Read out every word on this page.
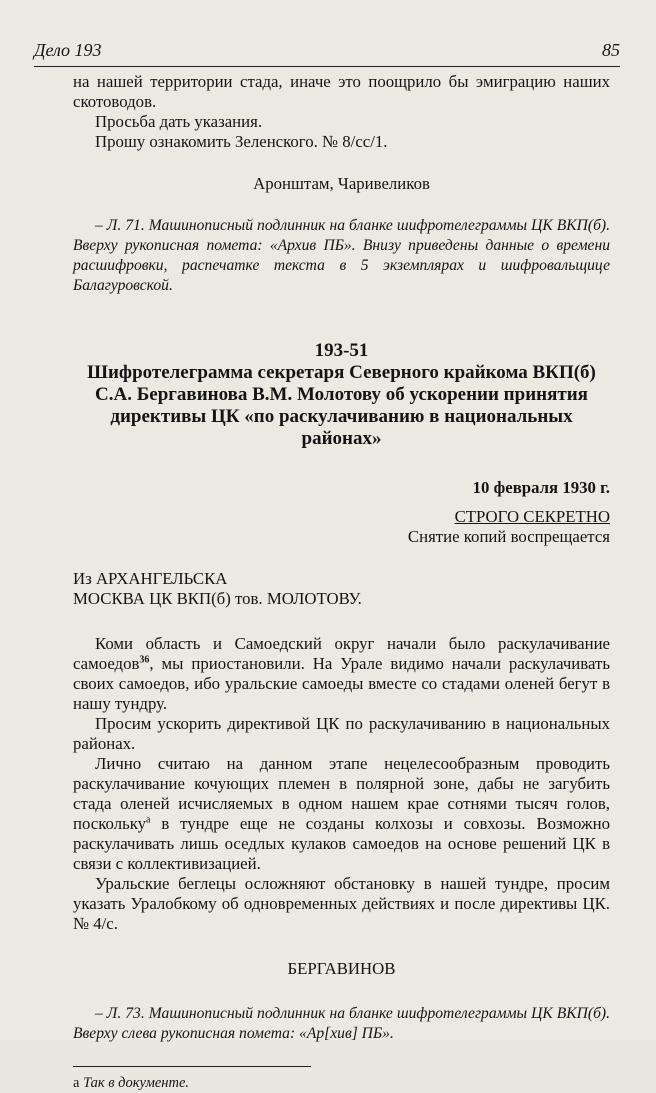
Дело 193	85

на нашей территории стада, иначе это поощрило бы эмиграцию наших скотоводов.

Просьба дать указания.

Прошу ознакомить Зеленского. № 8/сс/1.

Аронштам, Чаривеликов

– Л. 71. Машинописный подлинник на бланке шифротелеграммы ЦК ВКП(б). Вверху рукописная помета: «Архив ПБ». Внизу приведены данные о времени расшифровки, распечатке текста в 5 экземплярах и шифровальщице Балагуровской.

193-51

Шифротелеграмма секретаря Северного крайкома ВКП(б) С.А. Бергавинова В.М. Молотову об ускорении принятия директивы ЦК «по раскулачиванию в национальных районах»

10 февраля 1930 г.

СТРОГО СЕКРЕТНО

Снятие копий воспрещается

Из АРХАНГЕЛЬСКА

МОСКВА ЦК ВКП(б) тов. МОЛОТОВУ.

Коми область и Самоедский округ начали было раскулачивание самоедов$^{36}$, мы приостановили. На Урале видимо начали раскулачивать своих самоедов, ибо уральские самоеды вместе со стадами оленей бегут в нашу тундру.

Просим ускорить директивой ЦК по раскулачиванию в национальных районах.

Лично считаю на данном этапе нецелесообразным проводить раскулачивание кочующих племен в полярной зоне, дабы не загубить стада оленей исчисляемых в одном нашем крае сотнями тысяч голов, поскольку$^а$ в тундре еще не созданы колхозы и совхозы. Возможно раскулачивать лишь оседлых кулаков самоедов на основе решений ЦК в связи с коллективизацией.

Уральские беглецы осложняют обстановку в нашей тундре, просим указать Уралобкому об одновременных действиях и после директивы ЦК. № 4/с.

БЕРГАВИНОВ

– Л. 73. Машинописный подлинник на бланке шифротелеграммы ЦК ВКП(б). Вверху слева рукописная помета: «Ар[хив] ПБ».

а Так в документе.
